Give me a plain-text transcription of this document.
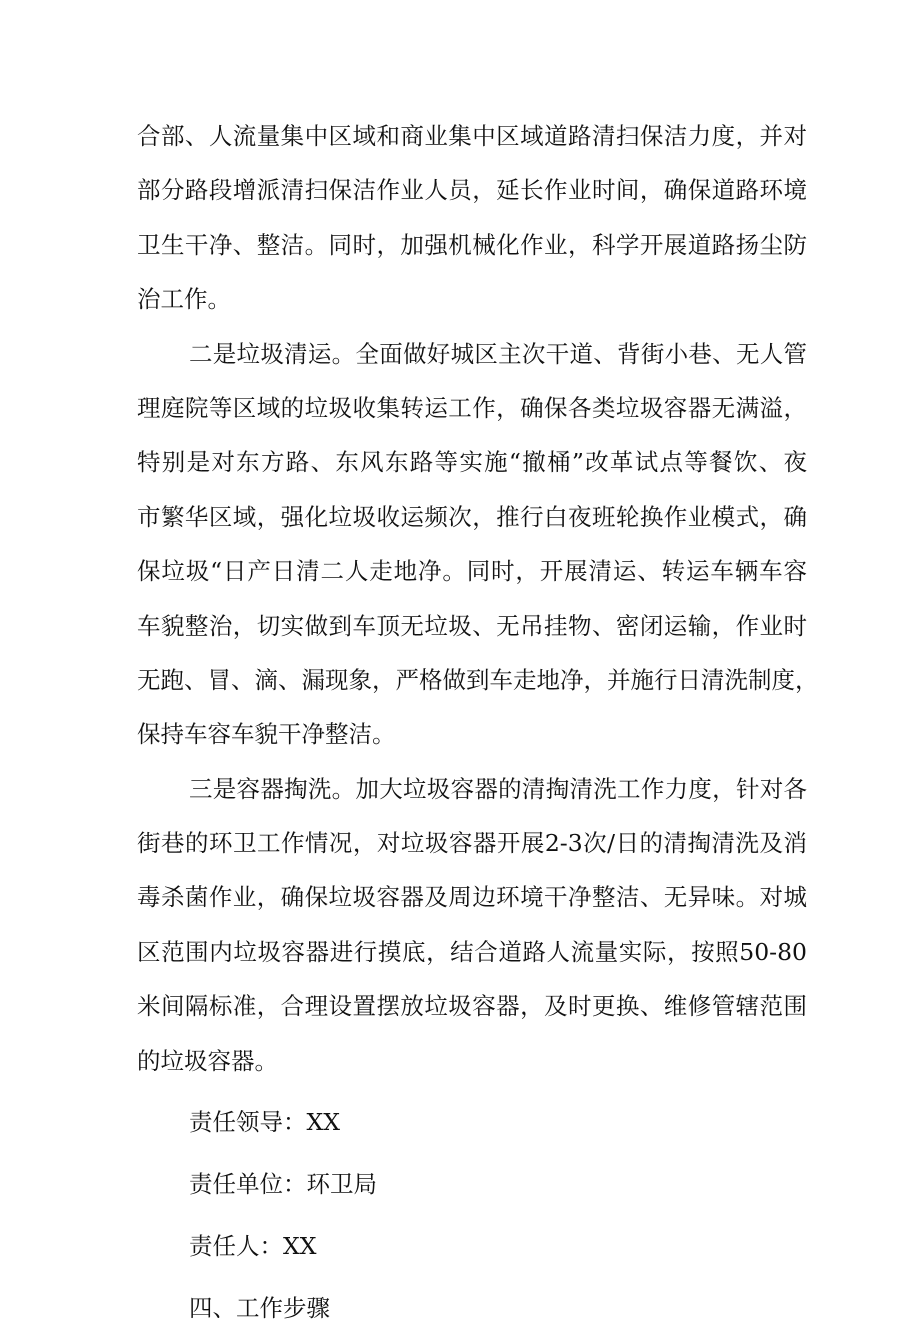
合部、人流量集中区域和商业集中区域道路清扫保洁力度，并对
部分路段增派清扫保洁作业人员，延长作业时间，确保道路环境
卫生干净、整洁。同时，加强机械化作业，科学开展道路扬尘防
治工作。
二是垃圾清运。全面做好城区主次干道、背街小巷、无人管
理庭院等区域的垃圾收集转运工作，确保各类垃圾容器无满溢，
特别是对东方路、东风东路等实施“撤桶”改革试点等餐饮、夜
市繁华区域，强化垃圾收运频次，推行白夜班轮换作业模式，确
保垃圾“日产日清二人走地净。同时，开展清运、转运车辆车容
车貌整治，切实做到车顶无垃圾、无吊挂物、密闭运输，作业时
无跑、冒、滴、漏现象，严格做到车走地净，并施行日清洗制度，
保持车容车貌干净整洁。
三是容器掏洗。加大垃圾容器的清掏清洗工作力度，针对各
街巷的环卫工作情况，对垃圾容器开展2-3次/日的清掏清洗及消
毒杀菌作业，确保垃圾容器及周边环境干净整洁、无异味。对城
区范围内垃圾容器进行摸底，结合道路人流量实际，按照50-80
米间隔标准，合理设置摆放垃圾容器，及时更换、维修管辖范围
的垃圾容器。
责任领导：XX
责任单位：环卫局
责任人：XX
四、工作步骤
